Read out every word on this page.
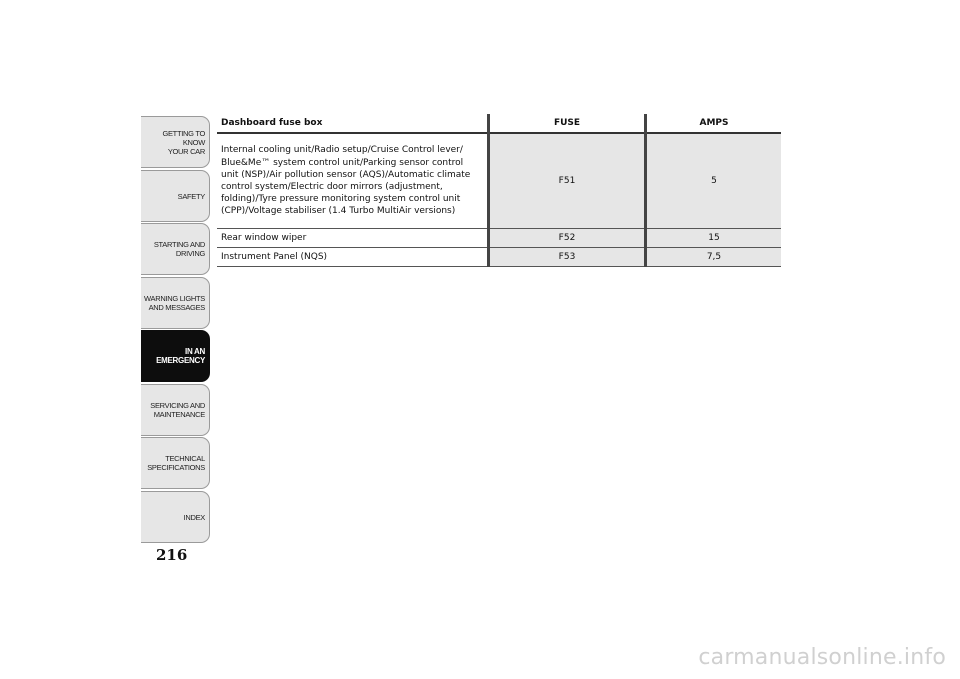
GETTING TO KNOW
YOUR CAR
SAFETY
STARTING AND
DRIVING
WARNING LIGHTS
AND MESSAGES
IN AN
EMERGENCY
SERVICING AND
MAINTENANCE
TECHNICAL
SPECIFICATIONS
INDEX
216
Dashboard fuse box	FUSE	AMPS
Internal cooling unit/Radio setup/Cruise Control lever/ Blue&Me™ system control unit/Parking sensor control unit (NSP)/Air pollution sensor (AQS)/Automatic climate control system/Electric door mirrors (adjustment, folding)/Tyre pressure monitoring system control unit (CPP)/Voltage stabiliser (1.4 Turbo MultiAir versions)	F51	5
Rear window wiper	F52	15
Instrument Panel (NQS)	F53	7,5
carmanualsonline.info
